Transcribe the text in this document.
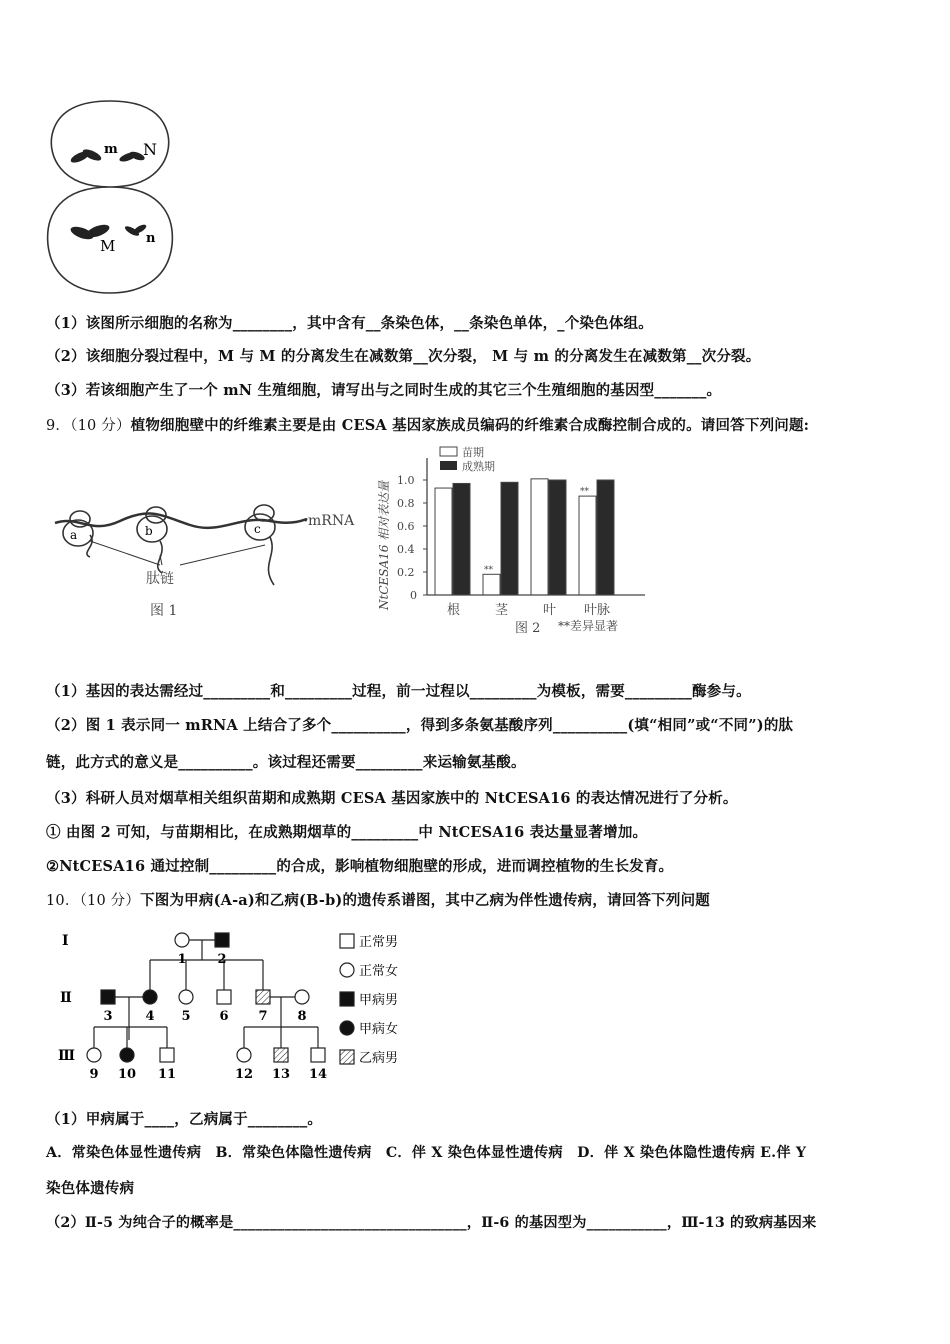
m N
M n
（1）该图所示细胞的名称为________，其中含有__条染色体，__条染色单体，_个染色体组。
（2）该细胞分裂过程中，M 与 M 的分离发生在减数第__次分裂， M 与 m 的分离发生在减数第__次分裂。
（3）若该细胞产生了一个 mN 生殖细胞，请写出与之同时生成的其它三个生殖细胞的基因型_______。
9．（10 分）植物细胞壁中的纤维素主要是由 CESA 基因家族成员编码的纤维素合成酶控制合成的。请回答下列问题:
a	b	c	mRNA
肽链
图 1
NtCESA16 相对表达量 0
0.2
0.4
0.6
0.8
1.0
根
**
茎	叶
**
叶脉
苗期
成熟期
图 2 **差异显著
（1）基因的表达需经过_________和_________过程，前一过程以_________为模板，需要_________酶参与。
（2）图 1 表示同一 mRNA 上结合了多个__________，得到多条氨基酸序列__________(填“相同”或“不同”)的肽
链，此方式的意义是__________。该过程还需要_________来运输氨基酸。
（3）科研人员对烟草相关组织苗期和成熟期 CESA 基因家族中的 NtCESA16 的表达情况进行了分析。
① 由图 2 可知，与苗期相比，在成熟期烟草的_________中 NtCESA16 表达量显著增加。
②NtCESA16 通过控制_________的合成，影响植物细胞壁的形成，进而调控植物的生长发育。
10．（10 分）下图为甲病(A-a)和乙病(B-b)的遗传系谱图，其中乙病为伴性遗传病，请回答下列问题
1 2
3	4 5 6 7 8
9 10 11	12 13 14
Ⅰ
Ⅱ
Ⅲ
正常男
正常女
甲病男
甲病女
乙病男
（1）甲病属于____，乙病属于________。
A．常染色体显性遗传病　B．常染色体隐性遗传病　C．伴 X 染色体显性遗传病　D．伴 X 染色体隐性遗传病 E.伴 Y
染色体遗传病
（2）Ⅱ-5 为纯合子的概率是________________________________，Ⅱ-6 的基因型为___________，Ⅲ-13 的致病基因来
